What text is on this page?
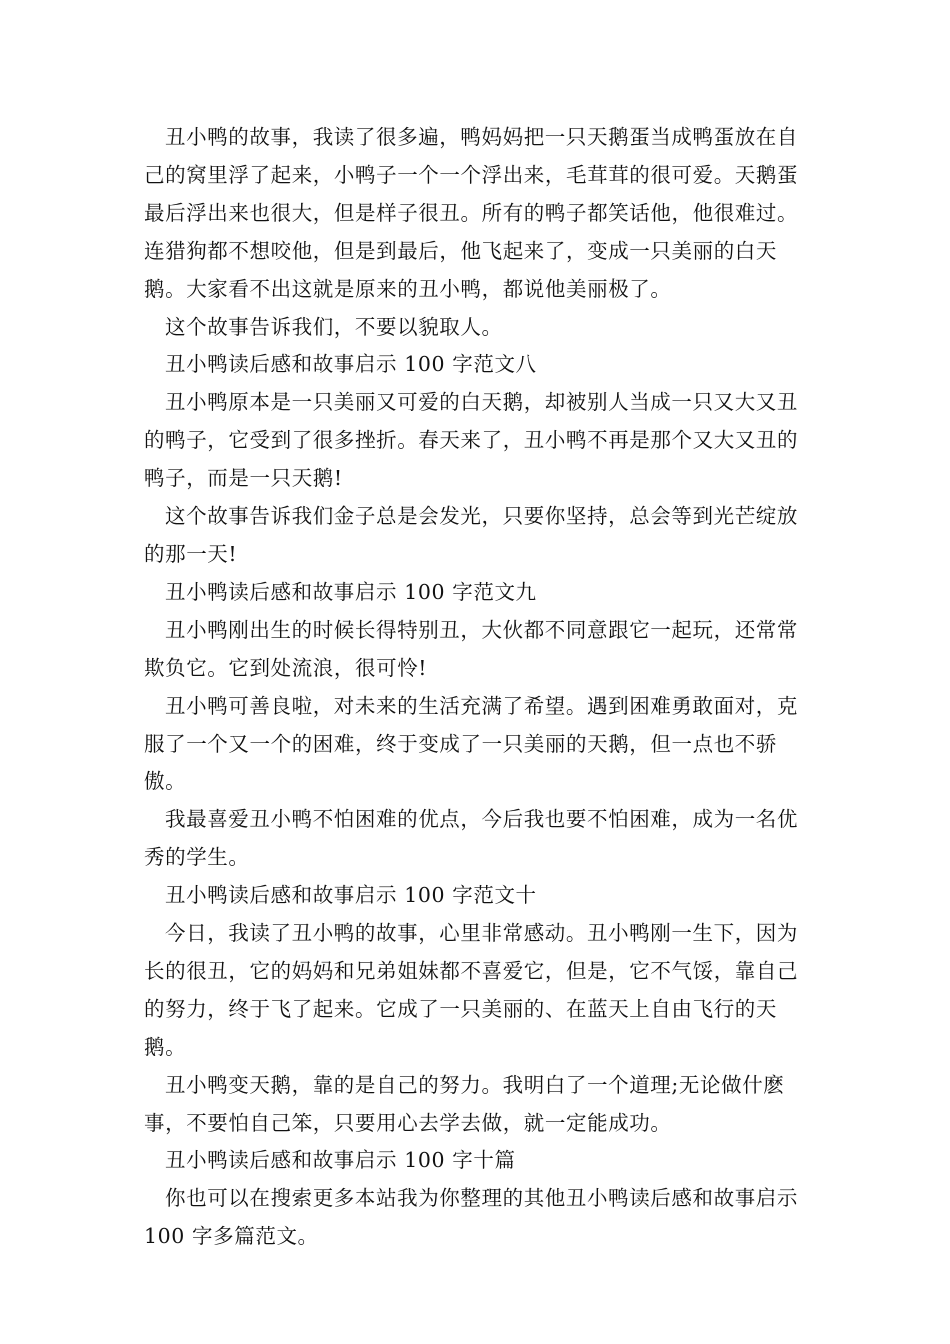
丑小鸭的故事，我读了很多遍，鸭妈妈把一只天鹅蛋当成鸭蛋放在自己的窝里浮了起来，小鸭子一个一个浮出来，毛茸茸的很可爱。天鹅蛋最后浮出来也很大，但是样子很丑。所有的鸭子都笑话他，他很难过。连猎狗都不想咬他，但是到最后，他飞起来了，变成一只美丽的白天鹅。大家看不出这就是原来的丑小鸭，都说他美丽极了。

这个故事告诉我们，不要以貌取人。

丑小鸭读后感和故事启示 100 字范文八

丑小鸭原本是一只美丽又可爱的白天鹅，却被别人当成一只又大又丑的鸭子，它受到了很多挫折。春天来了，丑小鸭不再是那个又大又丑的鸭子，而是一只天鹅!

这个故事告诉我们金子总是会发光，只要你坚持，总会等到光芒绽放的那一天!

丑小鸭读后感和故事启示 100 字范文九

丑小鸭刚出生的时候长得特别丑，大伙都不同意跟它一起玩，还常常欺负它。它到处流浪，很可怜!

丑小鸭可善良啦，对未来的生活充满了希望。遇到困难勇敢面对，克服了一个又一个的困难，终于变成了一只美丽的天鹅，但一点也不骄傲。

我最喜爱丑小鸭不怕困难的优点，今后我也要不怕困难，成为一名优秀的学生。

丑小鸭读后感和故事启示 100 字范文十

今日，我读了丑小鸭的故事，心里非常感动。丑小鸭刚一生下，因为长的很丑，它的妈妈和兄弟姐妹都不喜爱它，但是，它不气馁，靠自己的努力，终于飞了起来。它成了一只美丽的、在蓝天上自由飞行的天鹅。

丑小鸭变天鹅，靠的是自己的努力。我明白了一个道理;无论做什麽事，不要怕自己笨，只要用心去学去做，就一定能成功。

丑小鸭读后感和故事启示 100 字十篇

你也可以在搜索更多本站我为你整理的其他丑小鸭读后感和故事启示 100 字多篇范文。
